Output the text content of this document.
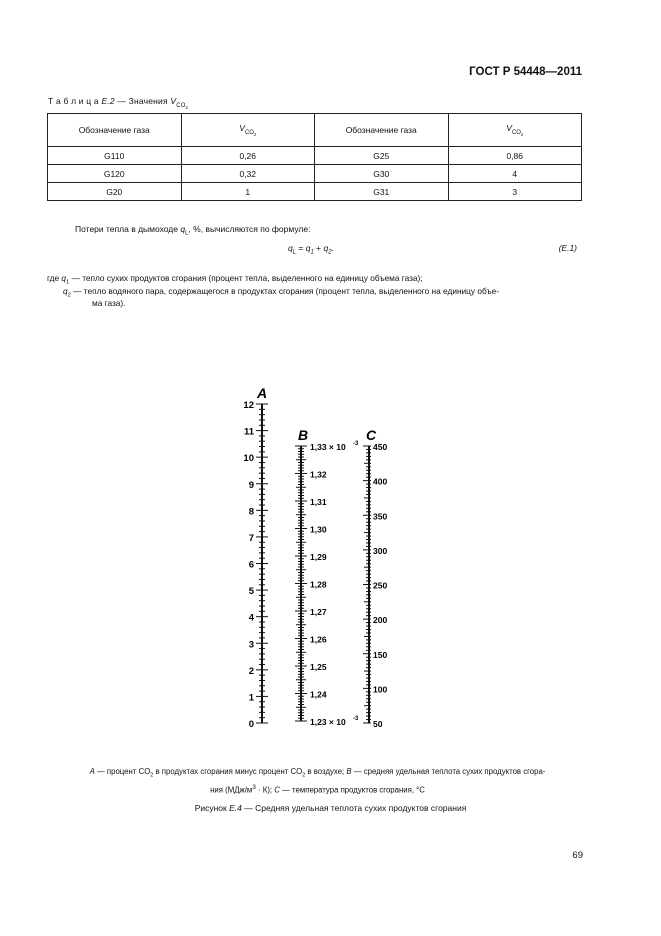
ГОСТ Р 54448—2011
Т а б л и ц а E.2 — Значения $V_{CO_2}$
Обозначение газа	$V_{CO_2}$	Обозначение газа	$V_{CO_2}$
G110	0,26	G25	0,86
G120	0,32	G30	4
G20	1	G31	3
Потери тепла в дымоходе $q_L$, %, вычисляются по формуле:
$q_L = q_1 + q_2$.	(E.1)
где $q_1$ — тепло сухих продуктов сгорания (процент тепла, выделенного на единицу объема газа);
$q_2$ — тепло водяного пара, содержащегося в продуктах сгорания (процент тепла, выделенного на единицу объе-
ма газа).
A
0
1
2
3
4
5
6
7
8
9
10
11
12
B
1,33 × 10 -3
1,23 × 10 -3
1,32
1,31
1,30
1,29
1,28
1,27
1,26
1,25
1,24
C
50
100
150
200
250
300
350
400
450
A — процент $CO_2$ в продуктах сгорания минус процент $CO_2$ в воздухе; B — средняя удельная теплота сухих продуктов сгора-
ния $(МДж/м^3 \cdot К)$; C — температура продуктов сгорания, °C
Рисунок E.4 — Средняя удельная теплота сухих продуктов сгорания
69
